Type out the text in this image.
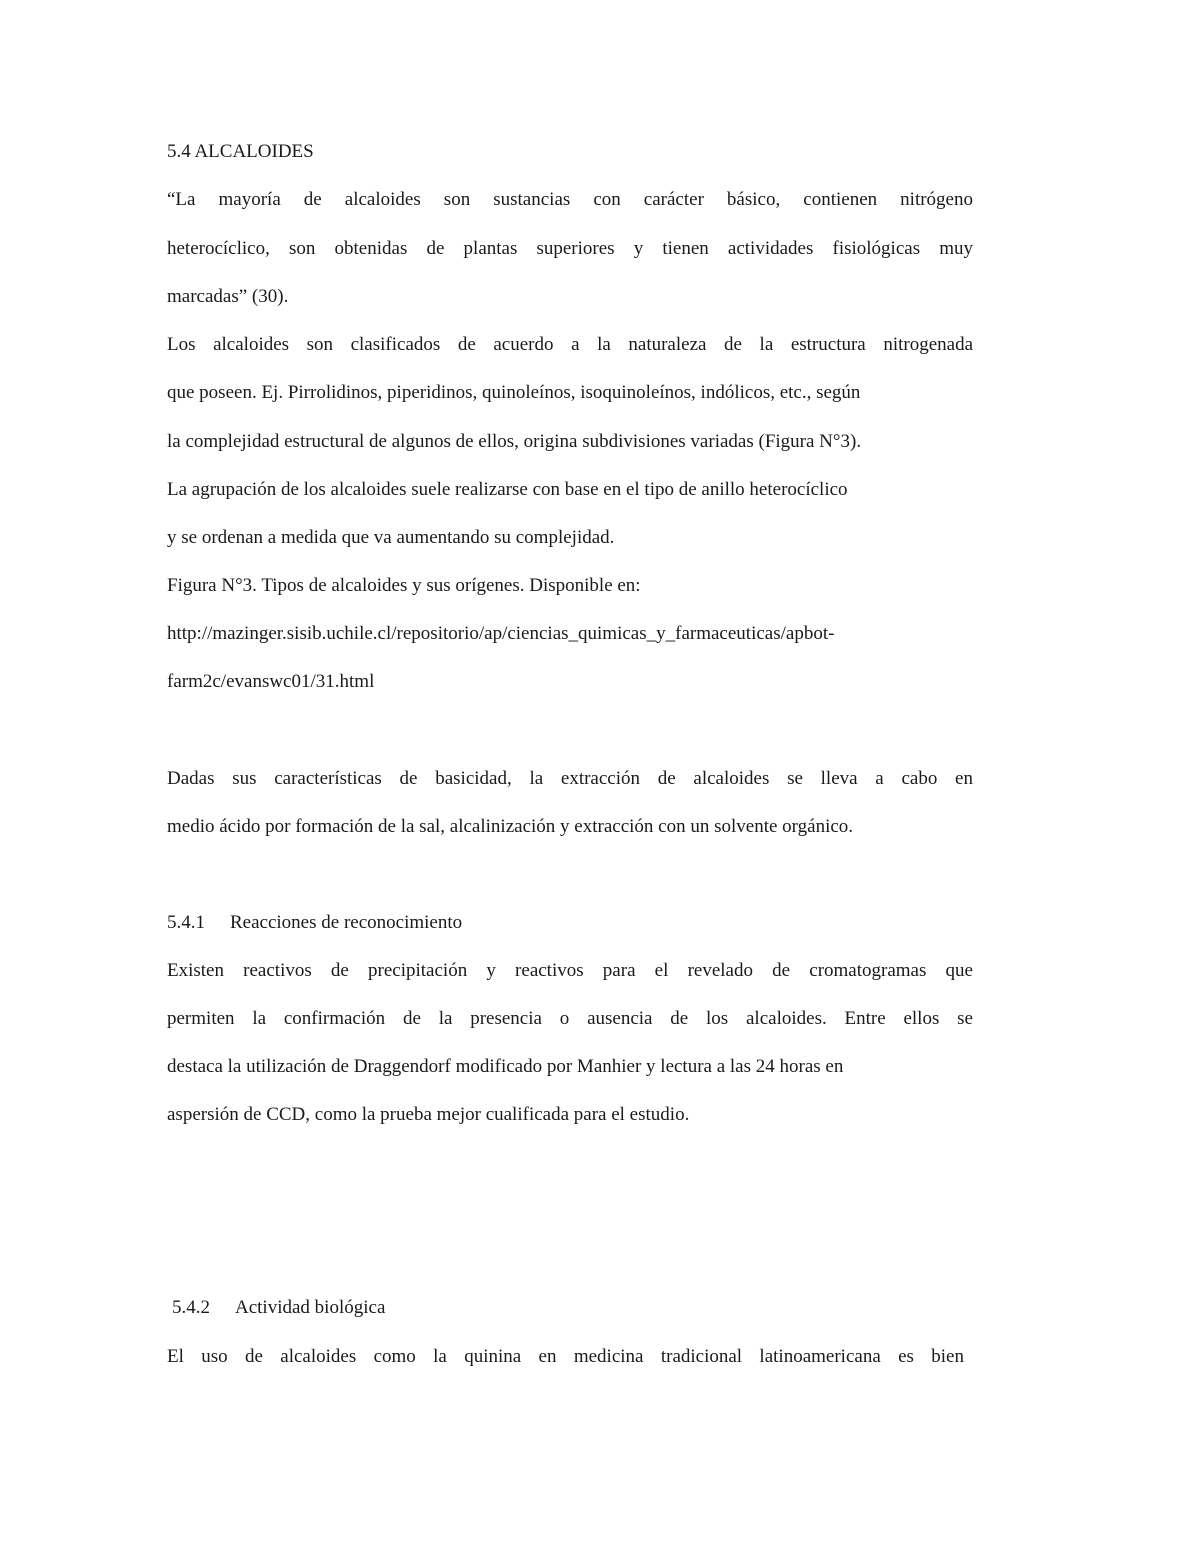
5.4 ALCALOIDES
“La mayoría de alcaloides son sustancias con carácter básico, contienen nitrógeno
heterocíclico, son obtenidas de plantas superiores y tienen actividades fisiológicas muy
marcadas” (30).
Los alcaloides son clasificados de acuerdo a la naturaleza de la estructura nitrogenada
que poseen. Ej. Pirrolidinos, piperidinos, quinoleínos, isoquinoleínos, indólicos, etc., según
la complejidad estructural de algunos de ellos, origina subdivisiones variadas (Figura N°3).
La agrupación de los alcaloides suele realizarse con base en el tipo de anillo heterocíclico
y se ordenan a medida que va aumentando su complejidad.
Figura N°3. Tipos de alcaloides y sus orígenes. Disponible en:
http://mazinger.sisib.uchile.cl/repositorio/ap/ciencias_quimicas_y_farmaceuticas/apbot-
farm2c/evanswc01/31.html
Dadas sus características de basicidad, la extracción de alcaloides se lleva a cabo en
medio ácido por formación de la sal, alcalinización y extracción con un solvente orgánico.
5.4.1 Reacciones de reconocimiento
Existen reactivos de precipitación y reactivos para el revelado de cromatogramas que
permiten la confirmación de la presencia o ausencia de los alcaloides. Entre ellos se
destaca la utilización de Draggendorf modificado por Manhier y lectura a las 24 horas en
aspersión de CCD, como la prueba mejor cualificada para el estudio.
5.4.2 Actividad biológica
El uso de alcaloides como la quinina en medicina tradicional latinoamericana es bien
